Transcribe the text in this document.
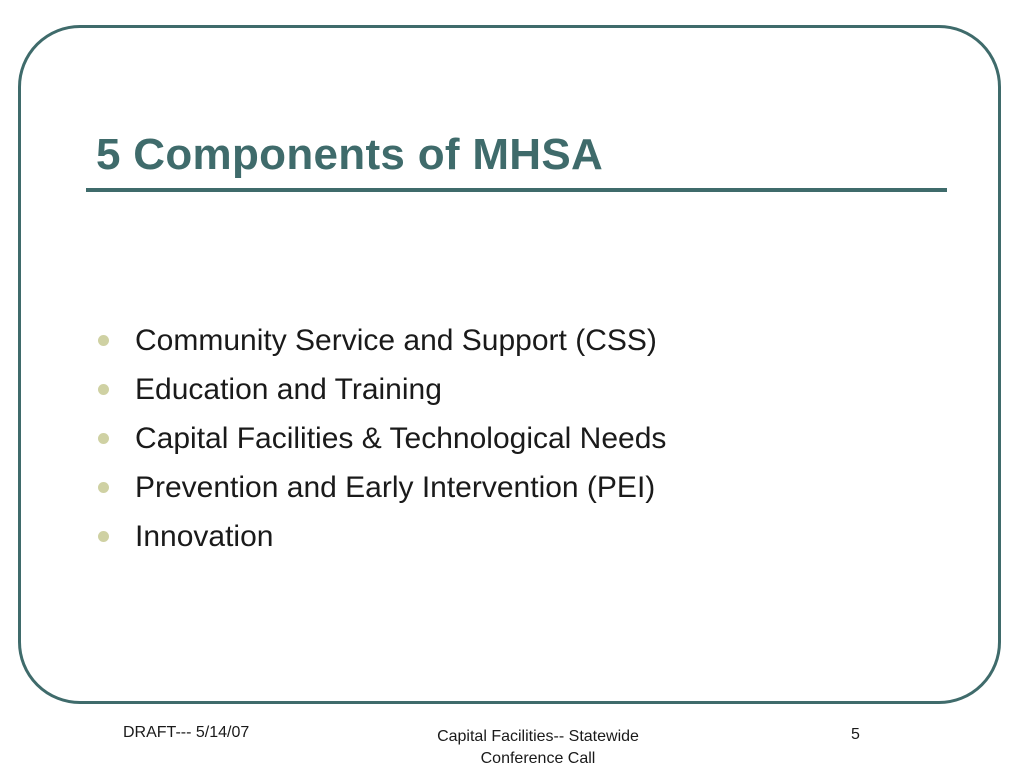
5 Components of MHSA
Community Service and Support (CSS)
Education and Training
Capital Facilities & Technological Needs
Prevention and Early Intervention (PEI)
Innovation
DRAFT--- 5/14/07	Capital Facilities-- Statewide
Conference Call
5
